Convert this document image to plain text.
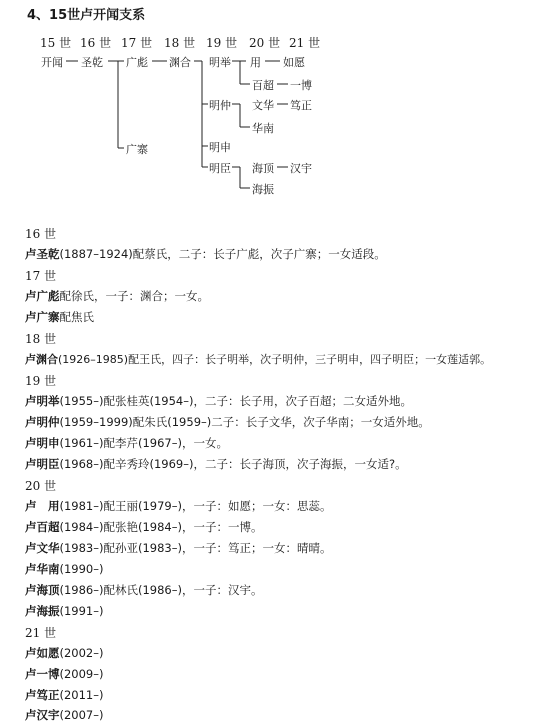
4、15世卢开闻支系
15 世 16 世 17 世 18 世 19 世 20 世 21 世
开闻 圣乾 广彪
广寨
渊合 明举
明仲
明申
明臣
用
百超
文华
华南
海顶
海振
如愿
一博
笃正
汉宇
16 世
卢圣乾(1887–1924)配蔡氏，二子：长子广彪，次子广寨；一女适段。
17 世
卢广彪配徐氏，一子：渊合；一女。
卢广寨配焦氏
18 世
卢渊合(1926–1985)配王氏，四子：长子明举，次子明仲，三子明申，四子明臣；一女莲适郭。
19 世
卢明举(1955–)配张桂英(1954–)，二子：长子用，次子百超；二女适外地。
卢明仲(1959–1999)配朱氏(1959–)二子：长子文华，次子华南；一女适外地。
卢明申(1961–)配李芹(1967–)，一女。
卢明臣(1968–)配辛秀玲(1969–)，二子：长子海顶，次子海振，一女适?。
20 世
卢　用(1981–)配王丽(1979–)，一子：如愿；一女：思蕊。
卢百超(1984–)配张艳(1984–)，一子：一博。
卢文华(1983–)配孙亚(1983–)，一子：笃正；一女：晴晴。
卢华南(1990–)
卢海顶(1986–)配林氏(1986–)，一子：汉宇。
卢海振(1991–)
21 世
卢如愿(2002–)
卢一博(2009–)
卢笃正(2011–)
卢汉宇(2007–)
